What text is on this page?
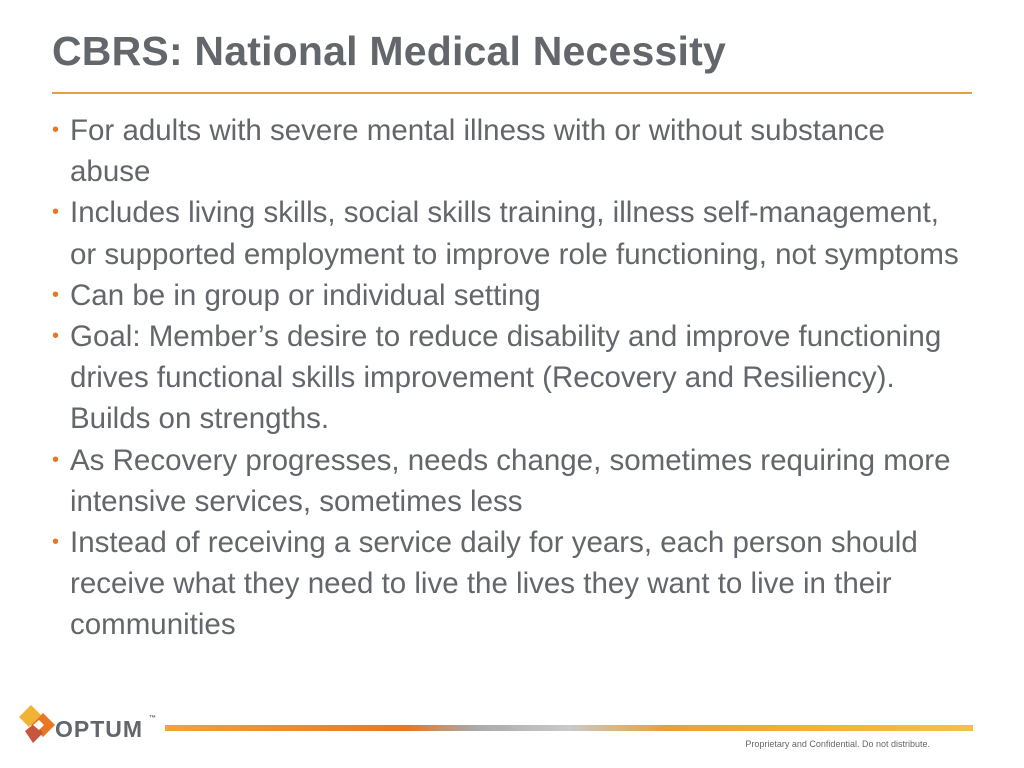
CBRS: National Medical Necessity
• For adults with severe mental illness with or without substance abuse
• Includes living skills, social skills training, illness self-management, or supported employment to improve role functioning, not symptoms
• Can be in group or individual setting
• Goal: Member’s desire to reduce disability and improve functioning drives functional skills improvement (Recovery and Resiliency). Builds on strengths.
• As Recovery progresses, needs change, sometimes requiring more intensive services, sometimes less
• Instead of receiving a service daily for years, each person should receive what they need to live the lives they want to live in their communities
OPTUM ™
Proprietary and Confidential. Do not distribute.
